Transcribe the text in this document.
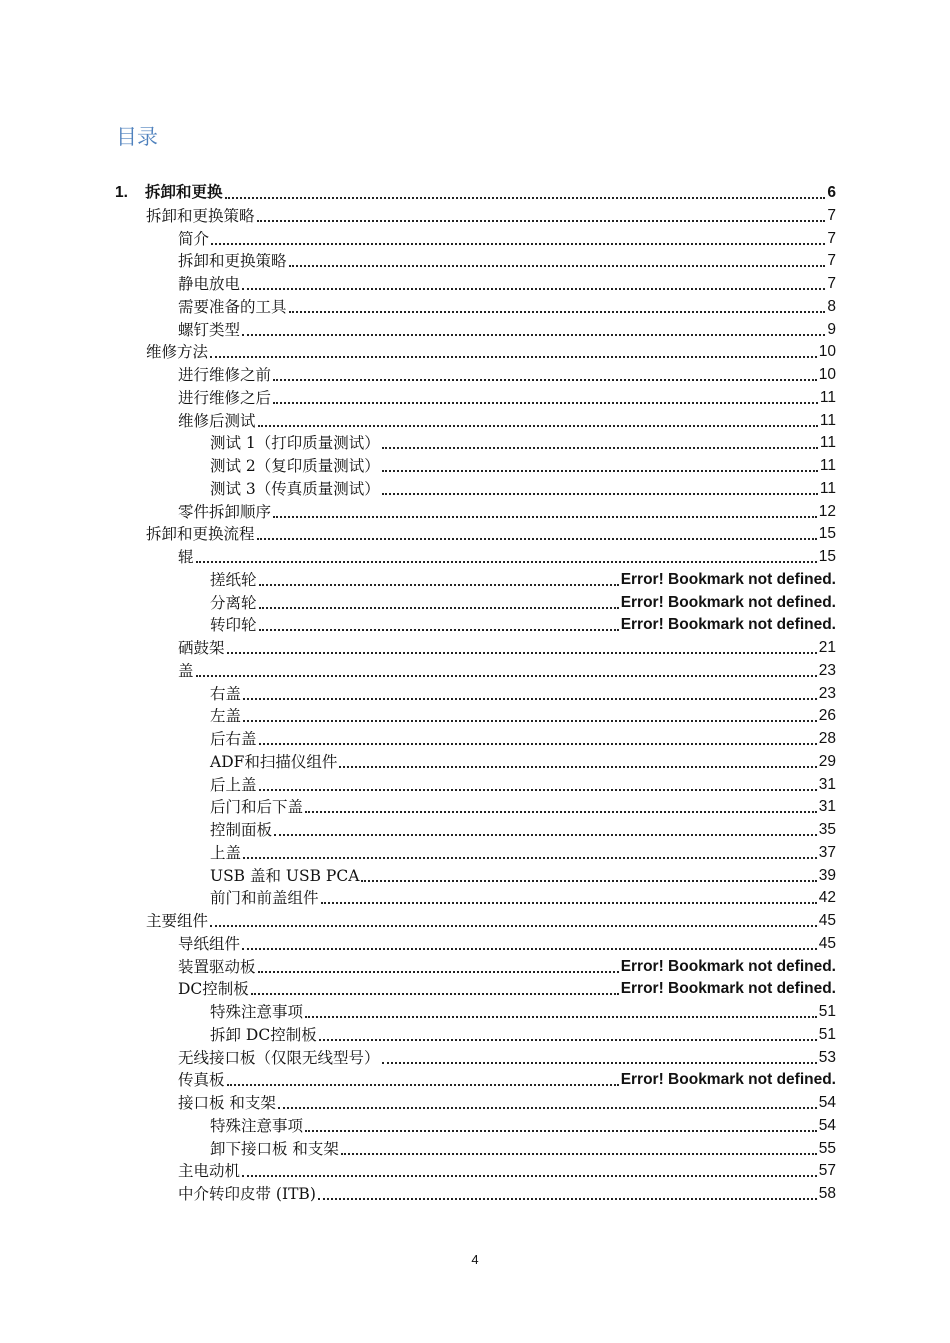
目录
1. 拆卸和更换	6
拆卸和更换策略	7
简介	7
拆卸和更换策略	7
静电放电	7
需要准备的工具	8
螺钉类型	9
维修方法	10
进行维修之前	10
进行维修之后	11
维修后测试	11
测试 1（打印质量测试）	11
测试 2（复印质量测试）	11
测试 3（传真质量测试）	11
零件拆卸顺序	12
拆卸和更换流程	15
辊	15
搓纸轮	Error! Bookmark not defined.
分离轮	Error! Bookmark not defined.
转印轮	Error! Bookmark not defined.
硒鼓架	21
盖	23
右盖	23
左盖	26
后右盖	28
ADF和扫描仪组件	29
后上盖	31
后门和后下盖	31
控制面板	35
上盖	37
USB 盖和 USB PCA	39
前门和前盖组件	42
主要组件	45
导纸组件	45
装置驱动板	Error! Bookmark not defined.
DC控制板	Error! Bookmark not defined.
特殊注意事项	51
拆卸 DC控制板	51
无线接口板（仅限无线型号）	53
传真板	Error! Bookmark not defined.
接口板 和支架	54
特殊注意事项	54
卸下接口板 和支架	55
主电动机	57
中介转印皮带 (ITB)	58
4
